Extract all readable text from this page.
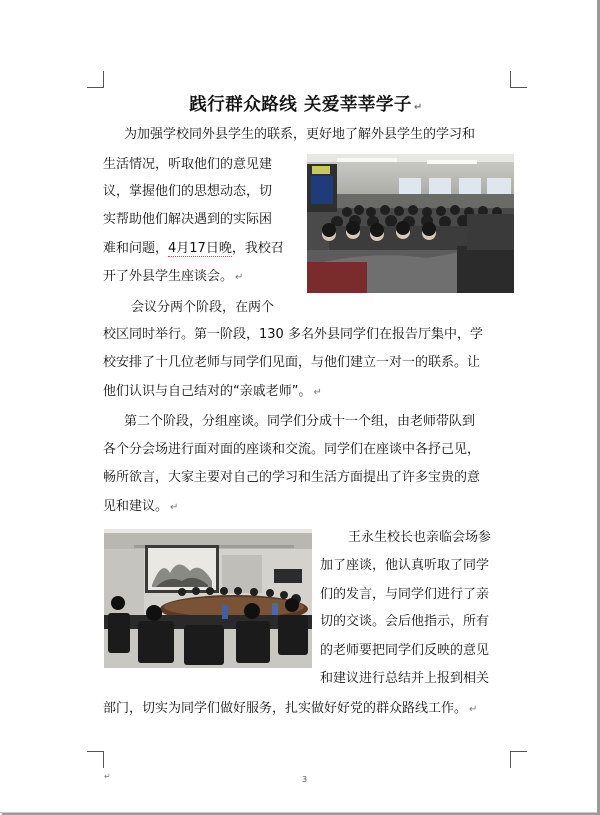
践行群众路线 关爱莘莘学子 ↵
为加强学校同外县学生的联系，更好地了解外县学生的学习和
生活情况，听取他们的意见建
议，掌握他们的思想动态，切
实帮助他们解决遇到的实际困
难和问题，4月17日晚，我校召
开了外县学生座谈会。 ↵
会议分两个阶段，在两个
校区同时举行。第一阶段，130 多名外县同学们在报告厅集中，学
校安排了十几位老师与同学们见面，与他们建立一对一的联系。让
他们认识与自己结对的“亲戚老师”。 ↵
第二个阶段，分组座谈。同学们分成十一个组，由老师带队到
各个分会场进行面对面的座谈和交流。同学们在座谈中各抒己见，
畅所欲言，大家主要对自己的学习和生活方面提出了许多宝贵的意
见和建议。 ↵
王永生校长也亲临会场参
加了座谈，他认真听取了同学
们的发言，与同学们进行了亲
切的交谈。会后他指示，所有
的老师要把同学们反映的意见
和建议进行总结并上报到相关
部门，切实为同学们做好服务，扎实做好好党的群众路线工作。 ↵
↵	3
